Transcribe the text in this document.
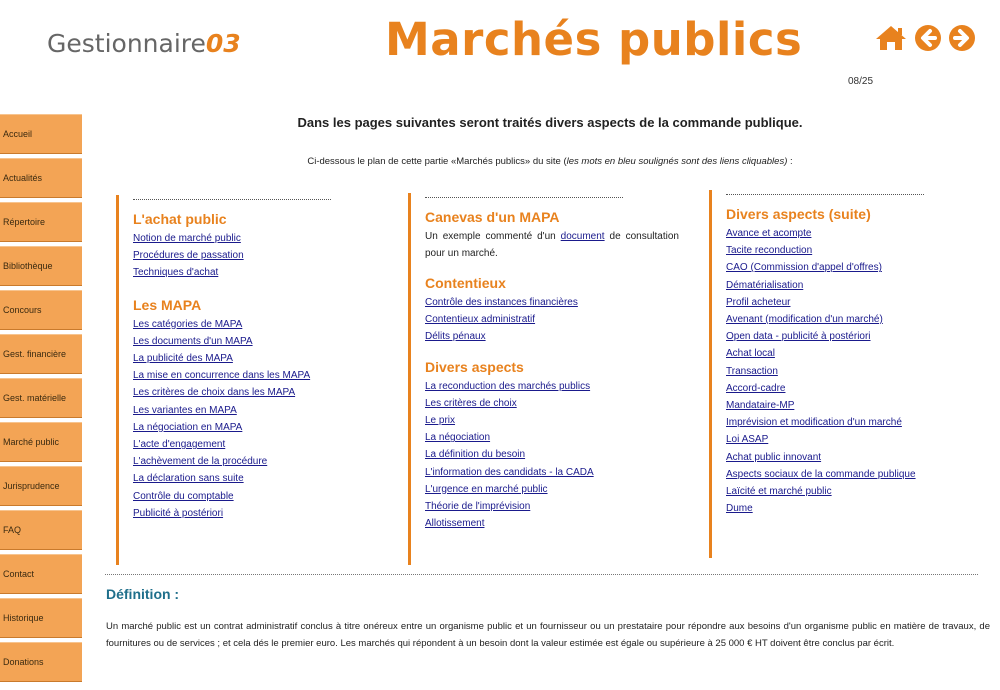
Gestionnaire03	Marchés publics
08/25
Accueil
Actualités
Répertoire
Bibliothèque
Concours
Gest. financière
Gest. matérielle
Marché public
Jurisprudence
FAQ
Contact
Historique
Donations
Dans les pages suivantes seront traités divers aspects de la commande publique.
Ci-dessous le plan de cette partie «Marchés publics» du site (les mots en bleu soulignés sont des liens cliquables) :
L'achat public
Notion de marché public
Procédures de passation
Techniques d'achat
Les MAPA
Les catégories de MAPA
Les documents d'un MAPA
La publicité des MAPA
La mise en concurrence dans les MAPA
Les critères de choix dans les MAPA
Les variantes en MAPA
La négociation en MAPA
L'acte d'engagement
L'achèvement de la procédure
La déclaration sans suite
Contrôle du comptable
Publicité à postériori
Canevas d'un MAPA
Un exemple commenté d'un document de consultation pour un marché.
Contentieux
Contrôle des instances financières
Contentieux administratif
Délits pénaux
Divers aspects
La reconduction des marchés publics
Les critères de choix
Le prix
La négociation
La définition du besoin
L'information des candidats - la CADA
L'urgence en marché public
Théorie de l'imprévision
Allotissement
Divers aspects (suite)
Avance et acompte
Tacite reconduction
CAO (Commission d'appel d'offres)
Dématérialisation
Profil acheteur
Avenant (modification d'un marché)
Open data - publicité à postériori
Achat local
Transaction
Accord-cadre
Mandataire-MP
Imprévision et modification d'un marché
Loi ASAP
Achat public innovant
Aspects sociaux de la commande publique
Laïcité et marché public
Dume
Définition :
Un marché public est un contrat administratif conclus à titre onéreux entre un organisme public et un fournisseur ou un prestataire pour répondre aux besoins d'un organisme public en matière de travaux, de fournitures ou de services ; et cela dés le premier euro. Les marchés qui répondent à un besoin dont la valeur estimée est égale ou supérieure à 25 000 € HT doivent être conclus par écrit.
